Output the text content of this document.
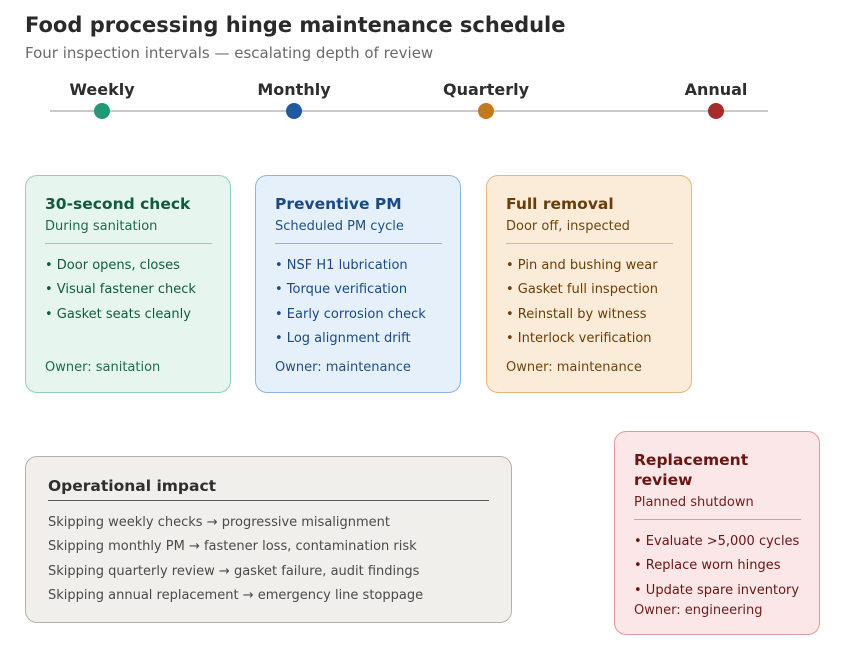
Food processing hinge maintenance schedule

Four inspection intervals — escalating depth of review

Weekly	Monthly	Quarterly	Annual
30-second check
During sanitation
• Door opens, closes
• Visual fastener check
• Gasket seats cleanly
Owner: sanitation
Preventive PM
Scheduled PM cycle
• NSF H1 lubrication
• Torque verification
• Early corrosion check
• Log alignment drift
Owner: maintenance
Full removal
Door off, inspected
• Pin and bushing wear
• Gasket full inspection
• Reinstall by witness
• Interlock verification
Owner: maintenance
Replacement review
Planned shutdown
• Evaluate >5,000 cycles
• Replace worn hinges
• Update spare inventory
Owner: engineering
Operational impact
Skipping weekly checks → progressive misalignment
Skipping monthly PM → fastener loss, contamination risk
Skipping quarterly review → gasket failure, audit findings
Skipping annual replacement → emergency line stoppage
